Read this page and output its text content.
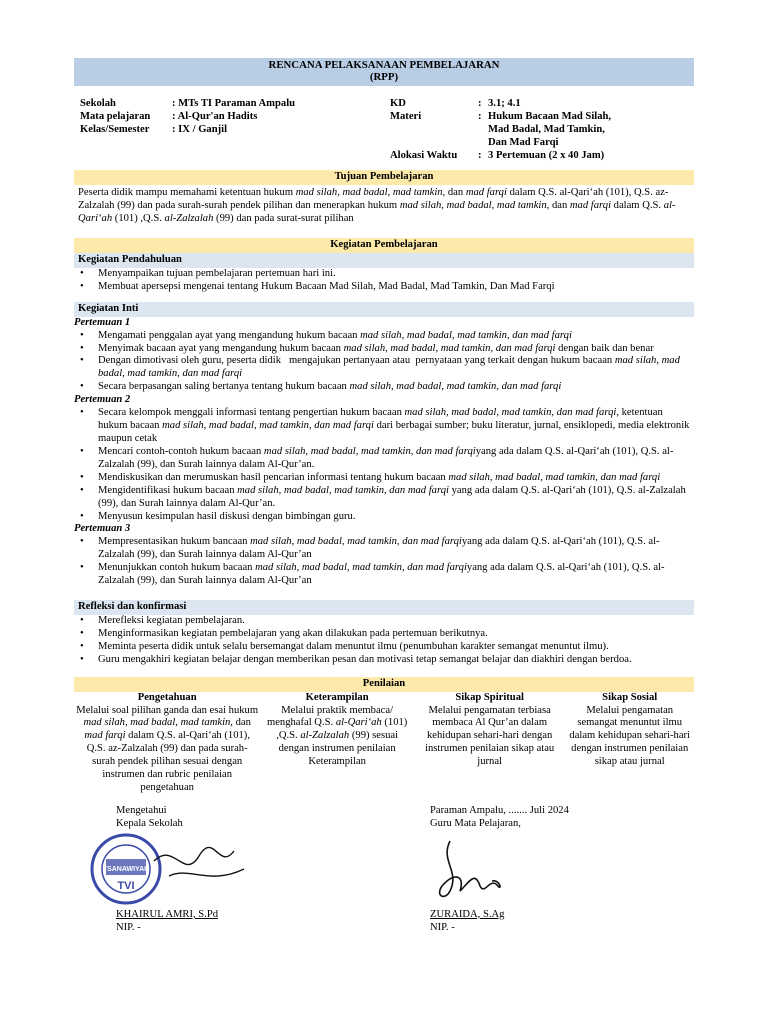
RENCANA PELAKSANAAN PEMBELAJARAN
(RPP)
Sekolah	: MTs TI Paraman Ampalu
Mata pelajaran	: Al-Qur'an Hadits
Kelas/Semester	: IX / Ganjil
KD	: 3.1; 4.1
Materi	: Hukum Bacaan Mad Silah,
Mad Badal, Mad Tamkin,
Dan Mad Farqi
Alokasi Waktu	: 3 Pertemuan (2 x 40 Jam)
Tujuan Pembelajaran
Peserta didik mampu memahami ketentuan hukum mad silah, mad badal, mad tamkin, dan mad farqi dalam Q.S. al-Qari‘ah (101), Q.S. az-Zalzalah (99) dan pada surah-surah pendek pilihan dan menerapkan hukum mad silah, mad badal, mad tamkin, dan mad farqi dalam Q.S. al-Qari‘ah (101) ,Q.S. al-Zalzalah (99) dan pada surat-surat pilihan
Kegiatan Pembelajaran
Kegiatan Pendahuluan
• Menyampaikan tujuan pembelajaran pertemuan hari ini.
• Membuat apersepsi mengenai tentang Hukum Bacaan Mad Silah, Mad Badal, Mad Tamkin, Dan Mad Farqi
Kegiatan Inti
Pertemuan 1
• Mengamati penggalan ayat yang mengandung hukum bacaan mad silah, mad badal, mad tamkin, dan mad farqi
• Menyimak bacaan ayat yang mengandung hukum bacaan mad silah, mad badal, mad tamkin, dan mad farqi dengan baik dan benar
• Dengan dimotivasi oleh guru, peserta didik   mengajukan pertanyaan atau  pernyataan yang terkait dengan hukum bacaan mad silah, mad badal, mad tamkin, dan mad farqi
• Secara berpasangan saling bertanya tentang hukum bacaan mad silah, mad badal, mad tamkin, dan mad farqi
Pertemuan 2
• Secara kelompok menggali informasi tentang pengertian hukum bacaan mad silah, mad badal, mad tamkin, dan mad farqi, ketentuan hukum bacaan mad silah, mad badal, mad tamkin, dan mad farqi dari berbagai sumber; buku literatur, jurnal, ensiklopedi, media elektronik maupun cetak
• Mencari contoh-contoh hukum bacaan mad silah, mad badal, mad tamkin, dan mad farqiyang ada dalam Q.S. al-Qari‘ah (101), Q.S. al-Zalzalah (99), dan Surah lainnya dalam Al-Qur’an.
• Mendiskusikan dan merumuskan hasil pencarian informasi tentang hukum bacaan mad silah, mad badal, mad tamkin, dan mad farqi
• Mengidentifikasi hukum bacaan mad silah, mad badal, mad tamkin, dan mad farqi yang ada dalam Q.S. al-Qari‘ah (101), Q.S. al-Zalzalah (99), dan Surah lainnya dalam Al-Qur’an.
• Menyusun kesimpulan hasil diskusi dengan bimbingan guru.
Pertemuan 3
• Mempresentasikan hukum bancaan mad silah, mad badal, mad tamkin, dan mad farqiyang ada dalam Q.S. al-Qari‘ah (101), Q.S. al-Zalzalah (99), dan Surah lainnya dalam Al-Qur’an
• Menunjukkan contoh hukum bacaan mad silah, mad badal, mad tamkin, dan mad farqiyang ada dalam Q.S. al-Qari‘ah (101), Q.S. al-Zalzalah (99), dan Surah lainnya dalam Al-Qur’an
Refleksi dan konfirmasi
• Merefleksi kegiatan pembelajaran.
• Menginformasikan kegiatan pembelajaran yang akan dilakukan pada pertemuan berikutnya.
• Meminta peserta didik untuk selalu bersemangat dalam menuntut ilmu (penumbuhan karakter semangat menuntut ilmu).
• Guru mengakhiri kegiatan belajar dengan memberikan pesan dan motivasi tetap semangat belajar dan diakhiri dengan berdoa.
Penilaian
Pengetahuan
Melalui soal pilihan ganda dan esai hukum mad silah, mad badal, mad tamkin, dan mad farqi dalam Q.S. al-Qari‘ah (101), Q.S. az-Zalzalah (99) dan pada surah-surah pendek pilihan sesuai dengan instrumen dan rubric penilaian pengetahuan
Keterampilan
Melalui praktik membaca/ menghafal Q.S. al-Qari‘ah (101) ,Q.S. al-Zalzalah (99) sesuai dengan instrumen penilaian Keterampilan
Sikap Spiritual
Melalui pengamatan terbiasa membaca Al Qur’an dalam kehidupan sehari-hari dengan instrumen penilaian sikap atau jurnal
Sikap Sosial
Melalui pengamatan semangat menuntut ilmu dalam kehidupan sehari-hari dengan instrumen penilaian sikap atau jurnal
Mengetahui
Kepala Sekolah
TSANAWIYAH
TVI
KHAIRUL AMRI, S.Pd
NIP. -
Paraman Ampalu, ....... Juli 2024
Guru Mata Pelajaran,
ZURAIDA, S.Ag
NIP. -
